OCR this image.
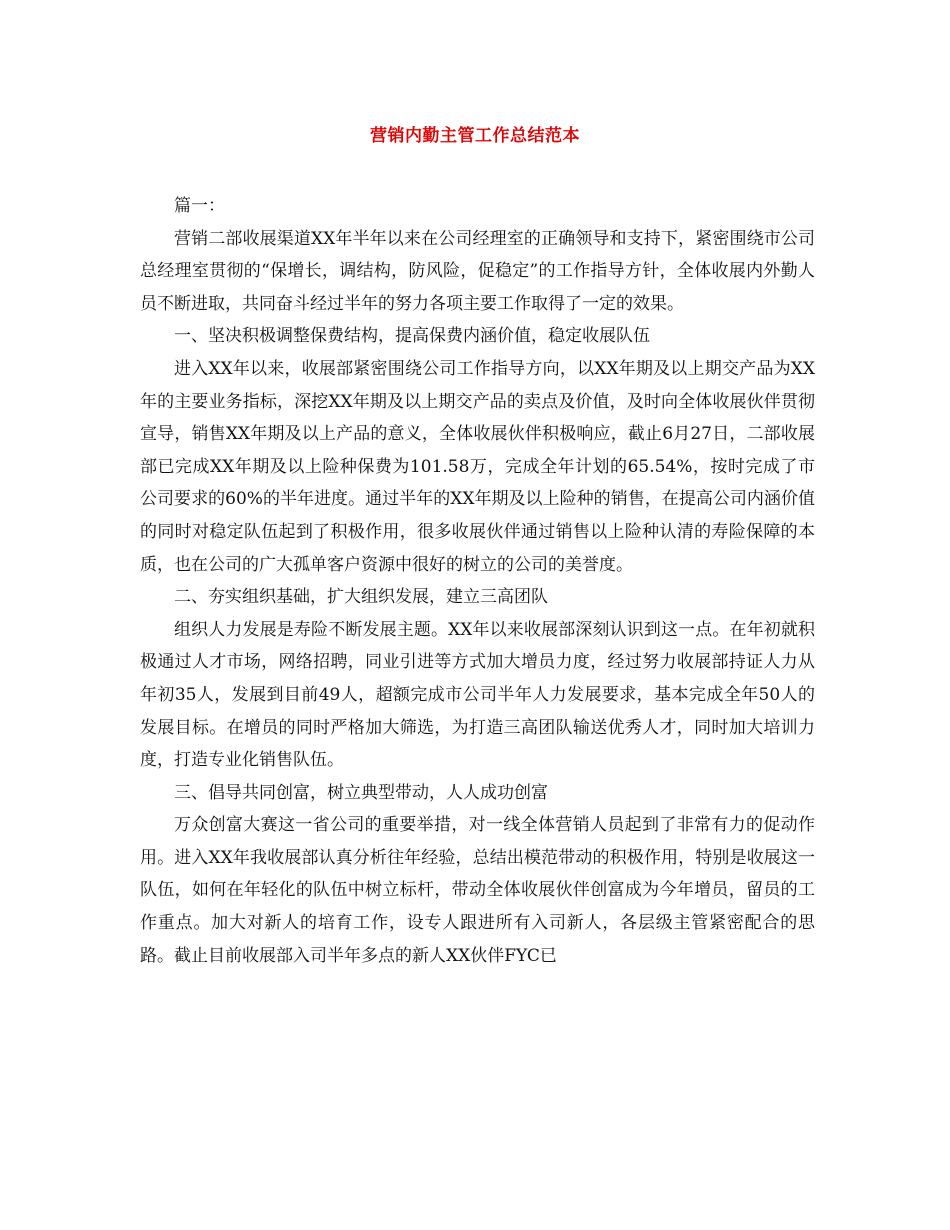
营销内勤主管工作总结范本

篇一：

营销二部收展渠道XX年半年以来在公司经理室的正确领导和支持下，紧密围绕市公司总经理室贯彻的“保增长，调结构，防风险，促稳定”的工作指导方针，全体收展内外勤人员不断进取，共同奋斗经过半年的努力各项主要工作取得了一定的效果。

一、坚决积极调整保费结构，提高保费内涵价值，稳定收展队伍

进入XX年以来，收展部紧密围绕公司工作指导方向，以XX年期及以上期交产品为XX年的主要业务指标，深挖XX年期及以上期交产品的卖点及价值，及时向全体收展伙伴贯彻宣导，销售XX年期及以上产品的意义，全体收展伙伴积极响应，截止6月27日，二部收展部已完成XX年期及以上险种保费为101.58万，完成全年计划的65.54%，按时完成了市公司要求的60%的半年进度。通过半年的XX年期及以上险种的销售，在提高公司内涵价值的同时对稳定队伍起到了积极作用，很多收展伙伴通过销售以上险种认清的寿险保障的本质，也在公司的广大孤单客户资源中很好的树立的公司的美誉度。

二、夯实组织基础，扩大组织发展，建立三高团队

组织人力发展是寿险不断发展主题。XX年以来收展部深刻认识到这一点。在年初就积极通过人才市场，网络招聘，同业引进等方式加大增员力度，经过努力收展部持证人力从年初35人，发展到目前49人，超额完成市公司半年人力发展要求，基本完成全年50人的发展目标。在增员的同时严格加大筛选，为打造三高团队输送优秀人才，同时加大培训力度，打造专业化销售队伍。

三、倡导共同创富，树立典型带动，人人成功创富

万众创富大赛这一省公司的重要举措，对一线全体营销人员起到了非常有力的促动作用。进入XX年我收展部认真分析往年经验，总结出模范带动的积极作用，特别是收展这一队伍，如何在年轻化的队伍中树立标杆，带动全体收展伙伴创富成为今年增员，留员的工作重点。加大对新人的培育工作，设专人跟进所有入司新人，各层级主管紧密配合的思路。截止目前收展部入司半年多点的新人XX伙伴FYC已
